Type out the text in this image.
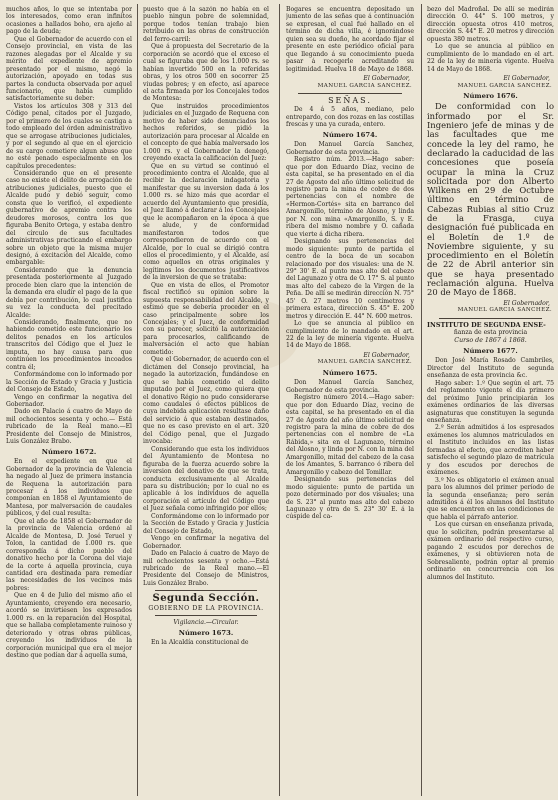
muchos años, lo que se intentaba por los interesados, como eran infinitos ocasiones a hallados boho, era ajeño al pago de la deuda;

Que el Gobernador de acuerdo con el Consejo provincial, en vista de las razones alegadas por el Alcalde y su mérito del expediente de apremio presentado por el mismo, negó la autorización, apoyado en todas sus partes la conducta observada por aquel funcionario, que había cumplido satisfactoriamente su deber:

Vistos los artículos 308 y 313 del Código penal, citados por el Juzgado, por el primero de los cuales se castiga a todo empleado del órden administrativo que se arrogase atribuciones judiciales, y por el segundo al que en el ejercicio de su cargo cometiere algun abuso que no esté penado especialmente en los capítulos precedentes:

Considerando que en el presente caso no existe el delito de arrogación de atribuciones judiciales, puesto que el Alcalde pudo y debió seguir, como consta que lo verificó, el expediente gubernativo de apremio contra los deudores morosos, contra los que figuraba Benito Ortega, y estaba dentro del círculo de sus facultades administrativas practicando el embargo sobre un objeto que la misma mujer designó, á excitación del Alcalde, como embargable:

Considerando que la denuncia presentada posteriormente al Juzgado procede bien claro que la intención de la demanda era eludir el pago de la que debía por contribución, lo cual justifica su vez la conducta del precitado Alcalde:

Considerando, finalmente, que no habiendo cometido este funcionario los delitos penados en los artículos transcritos del Código que el Juez le imputa, no hay causa para que continúen los procedimientos incoados contra él;

Conformándome con lo informado por la Sección de Estado y Gracia y Justicia del Consejo de Estado,

Vengo en confirmar la negativa del Gobernador.

Dado en Palacio á cuatro de Mayo de mil ochocientos sesenta y ocho.— Está rubricado de la Real mano.—El Presidente del Consejo de Ministros, Luis González Brabo.

Número 1672.

En el expediente en que el Gobernador de la provincia de Valencia ha negado al Juez de primera instancia de Requena la autorización para procesar á los individuos que componían en 1858 el Ayuntamiento de Mantesa, por malversación de caudales públicos, y del cual resulta:

Que el año de 1858 el Gobernador de la provincia de Valencia ordenó al Alcalde de Montesa, D. José Teruel y Tolon, la cantidad de 1.000 rs. que correspondía á dicho pueblo del donativo hecho por la Corona del viaje de la corte á aquella provincia, cuya cantidad era destinada para remediar las necesidades de los vecinos más pobres:

Que en 4 de Julio del mismo año el Ayuntamiento, creyendo era necesario, acordó se invirtiesen los expresados 1.000 rs. en la reparación del Hospital, que se hallaba completamente ruinoso y deteriorado y otras obras públicas, creyendo los individuos de la corporación municipal que era el mejor destino que podían dar á aquella suma,

puesto que á la sazón no había en el pueblo ningun pobre de solemnidad, porque todos tenían trabajo bien retribuido en las obras de construcción del ferro-carril:

Que á propuesta del Secretario de la corporación se acordó que el exceso el cual se figuraba que de los 1.000 rs. se habían invertido 500 en la referidas obras, y los otros 500 en socorrer 25 viudas pobres; y en efecto, así aparece el acta firmada por los Concejales todos de Montesa:

Que instruidos procedimientos judiciales en el Juzgado de Requena con motivo de haber sido denunciados los hechos referidos, se pidió la autorización para procesar al Alcalde en el concepto de que había malversado los 1.000 rs. y el Gobernador la denegó, creyendo exacta la calificación del Juez:

Que en su virtud se continuó el procedimiento contra el Alcalde, que al recibir la declaración indagatoria y manifestar que su inversion dada á los 1.000 rs. se hizo más que acordar el acuerdo del Ayuntamiento que presidía, el Juez llamó á declarar á los Concejales que le acompañaron en la época á que se alude, y de conformidad manifestaron todos que correspondieron de acuerdo con el Alcalde, por lo cual se dirigió contra ellos el procedimiento, y el Alcalde, así como aquellos en otras originales y legítimos los documentos justificativos de la inversion de que se trataba:

Que en vista de ellos, el Promotor fiscal rectificó su opinion sobre la supuesta responsabilidad del Alcalde, y estimó que se debería proceder en el caso principalmente sobre los Concejales; y el Juez, de conformidad con su parecer, solicitó la autorización para procesarlos, calificando de malversación el acto que habían cometido:

Que el Gobernador, de acuerdo con el dictámen del Consejo provincial, ha negado la autorización, fundándose en que se había cometido el delito imputado por el Juez, como quiera que el donativo Régio no pudo considerarse como caudales ó efectos públicos de cuya indebida aplicación resultase daño del servicio á que estaban destinados, que no es caso previsto en el art. 320 del Código penal, que el Juzgado invocaba:

Considerando que esta los individuos del Ayuntamiento de Montesa no figuraba de la fuerza acuerdo sobre la inversion del donativo de que se trata, conducta exclusivamente al Alcalde para su distribución; por lo cual no es aplicable á los individuos de aquella corporación el artículo del Código que el Juez señala como infringido por ellos;

Conformándome con lo informado por la Sección de Estado y Gracia y Justicia del Consejo de Estado,

Vengo en confirmar la negativa del Gobernador.

Dado en Palacio á cuatro de Mayo de mil ochocientos sesenta y ocho.—Está rubricado de la Real mano.—El Presidente del Consejo de Ministros, Luis González Brabo.

Segunda Sección.
GOBIERNO DE LA PROVINCIA.
Vigilancia.—Circular.
Número 1673.

En la Alcaldía constitucional de

Bogares se encuentra depositado un jumento de las señas que á continuación se expresan, el cual fué hallado en el término de dicha villa, é ignorándose quien sea su dueño, he acordado fijar el presente en este periódico oficial para que llegando á su conocimiento pueda pasar á recogerle acreditando su legitimidad. Huelva 18 de Mayo de 1868.

El Gobernador,
MANUEL GARCIA SANCHEZ.
SEÑAS.

De 4 á 5 años, mediano, pelo entrepardo, con dos rozas en las costillas frescas y una ya curada, entero.

Número 1674.

Don Manuel García Sanchez, Gobernador de esta provincia.

Registro núm. 2013.—Hago saber: que por don Eduardo Díaz, vecino de esta capital, se ha presentado en el dia 27 de Agosto del año último solicitud de registro para la mina de cobre de dos pertenencias con el nombre de «Hermon-Cortés» sita en barranco del Amargonillo, término de Alosno, y linda por N. con mina «Amargonillo, S. y E. ribera del mismo nombre y O. cañada que vierte á dicha ribera.

Designando sus pertenencias del modo siguiente: punto de partida el centro de la boca de un socabon relacionado por dos visuales: una de N. 29° 30' E. al punto mas alto del cabezo del Lagunazo y otra de O. 17° S. al punto mas alto del cabezo de la Virgen de la Peña. De allí se medirán dirección N. 75° 45' O. 27 metros 10 centímetros y primera estaca, dirección S. 45° E. 200 metros y dirección E. 44° N. 600 metros.

Lo que se anuncia al público en cumplimiento de lo mandado en el art. 22 de la ley de minería vigente. Huelva 14 de Mayo de 1868.

El Gobernador,
MANUEL GARCIA SANCHEZ.
Número 1675.

Don Manuel García Sanchez, Gobernador de esta provincia.

Registro número 2014.—Hago saber: que por don Eduardo Díaz, vecino de esta capital, se ha presentado en el dia 27 de Agosto del año último solicitud de registro para la mina de cobre de dos pertenencias con el nombre de «La Rábida,» sita en el Lagunazo, término del Alosno, y linda por N. con la mina del Amargonillo, mitad del cabezo de la casa de los Amantes, S. barranco ó ribera del Amargonillo y cabezo del Tomillar.

Designando sus pertenencias del modo siguiente: punto de partida un pozo determinado por dos visuales; una de S. 23° al punto mas alto del cabezo Lagunazo y otra de S. 23° 30' E. á la cúspide del ca-

bezo del Madroñal. De allí se medirán dirección O. 44° S. 100 metros, y dirección opuesta otros 410 metros, dirección S. 44° E. 20 metros y dirección opuesta 380 metros.

Lo que se anuncia al público en cumplimiento de lo mandado en el art. 22 de la ley de minería vigente. Huelva 14 de Mayo de 1868.

El Gobernador,
MANUEL GARCIA SANCHEZ.
Número 1676.

De conformidad con lo informado por el Sr. Ingeniero jefe de minas y de las facultades que me concede la ley del ramo, he declarado la caducidad de las concesiones que poseía ocupar la mina la Cruz solicitada por don Alberto Wilkens en 29 de Octubre último en término de Cabezas Rubias al sitio Cruz de la Frasga, cuya designación fué publicada en el Boletín de 1.º de Noviembre siguiente, y su procedimiento en el Boletín de 22 de Abril anterior sin que se haya presentado reclamación alguna. Huelva 20 de Mayo de 1868.

El Gobernador,
MANUEL GARCIA SANCHEZ.
INSTITUTO DE SEGUNDA ENSE-
ñanza de esta provincia
Curso de 1867 á 1868.
Número 1677.

Don José María Rosado Cambriles, Director del Instituto de segunda enseñanza de esta provincia &c.

Hago saber: 1.º Que según el art. 75 del reglamento vigente el día primero del próximo Junio principiarán los exámenes ordinarios de las diversas asignaturas que constituyen la segunda enseñanza.

2.º Serán admitidos á los espresados exámenes los alumnos matriculados en el Instituto incluidos en las listas formadas al efecto, que acrediten haber satisfecho el segundo plazo de matrícula y dos escudos por derechos de exámenes.

3.º No es obligatorio el exámen anual para los alumnos del primer período de la segunda enseñanza; pero serán admitidos á él los alumnos del Instituto que se encuentren en las condiciones de que habla el párrafo anterior.

Los que cursan en enseñanza privada, que lo soliciten, podrán presentarse al exámen ordinario del respectivo curso, pagando 2 escudos por derechos de exámenes, y si obtuvieren nota de Sobresaliente, podrán optar al premio ordinario en concurrencia con los alumnos del Instituto.
